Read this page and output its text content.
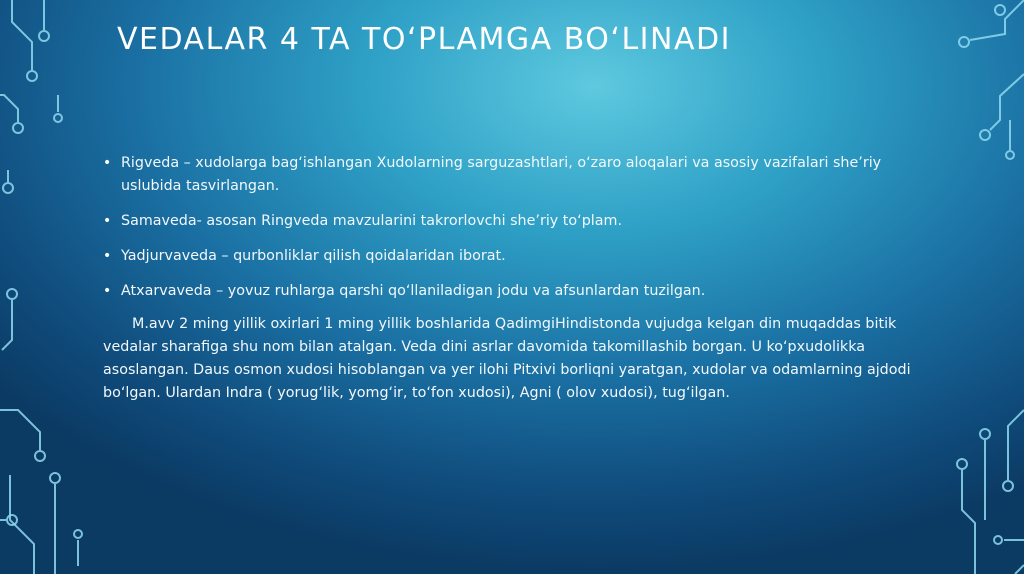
VEDALAR 4 TA TO‘PLAMGA BO‘LINADI
• Rigveda – xudolarga bag‘ishlangan Xudolarning sarguzashtlari, o‘zaro aloqalari va asosiy vazifalari she’riy uslubida tasvirlangan.
• Samaveda- asosan Ringveda mavzularini takrorlovchi she’riy to‘plam.
• Yadjurvaveda – qurbonliklar qilish qoidalaridan iborat.
• Atxarvaveda – yovuz ruhlarga qarshi qo‘llaniladigan jodu va afsunlardan tuzilgan.

M.avv 2 ming yillik oxirlari 1 ming yillik boshlarida QadimgiHindistonda vujudga kelgan din muqaddas bitik vedalar sharafiga shu nom bilan atalgan. Veda dini asrlar davomida takomillashib borgan. U ko‘pxudolikka asoslangan. Daus osmon xudosi hisoblangan va yer ilohi Pitxivi borliqni yaratgan, xudolar va odamlarning ajdodi bo‘lgan. Ulardan Indra ( yorug‘lik, yomg‘ir, to‘fon xudosi), Agni ( olov xudosi), tug‘ilgan.
